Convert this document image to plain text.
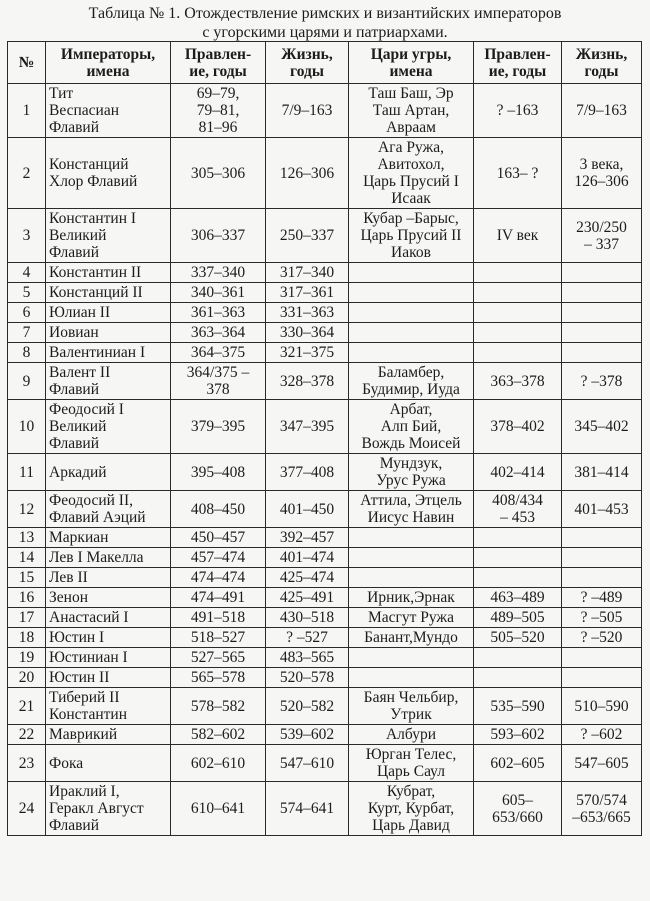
Таблица № 1. Отождествление римских и византийских императоров
с угорскими царями и патриархами.
№	Императоры,
имена	Правлен-
ие, годы	Жизнь,
годы	Цари угры,
имена	Правлен-
ие, годы	Жизнь,
годы

1	Тит
Веспасиан
Флавий	69–79,
79–81,
81–96	7/9–163	Таш Баш, Эр
Таш Артан,
Авраам	? –163	7/9–163

2	Констанций
Хлор Флавий	305–306	126–306	Ага Ружа,
Авитохол,
Царь Прусий I
Исаак	163– ?	3 века,
126–306

3	Константин I
Великий
Флавий	306–337	250–337	Кубар –Барыс,
Царь Прусий II
Иаков	IV век	230/250
– 337

4	Константин II	337–340	317–340			

5	Констанций II	340–361	317–361			

6	Юлиан II	361–363	331–363			

7	Иовиан	363–364	330–364			

8	Валентиниан I	364–375	321–375			

9	Валент II
Флавий	364/375 –
378	328–378	Баламбер,
Будимир, Иуда	363–378	? –378

10	Феодосий I
Великий
Флавий	379–395	347–395	Арбат,
Алп Бий,
Вождь Моисей	378–402	345–402

11	Аркадий	395–408	377–408	Мундзук,
Урус Ружа	402–414	381–414

12	Феодосий II,
Флавий Аэций	408–450	401–450	Аттила, Этцель
Иисус Навин	408/434
– 453	401–453

13	Маркиан	450–457	392–457			

14	Лев I Макелла	457–474	401–474			

15	Лев II	474–474	425–474			

16	Зенон	474–491	425–491	Ирник,Эрнак	463–489	? –489

17	Анастасий I	491–518	430–518	Масгут Ружа	489–505	? –505

18	Юстин I	518–527	? –527	Банант,Мундо	505–520	? –520

19	Юстиниан I	527–565	483–565			

20	Юстин II	565–578	520–578			

21	Тиберий II
Константин	578–582	520–582	Баян Чельбир,
Утрик	535–590	510–590

22	Маврикий	582–602	539–602	Албури	593–602	? –602

23	Фока	602–610	547–610	Юрган Телес,
Царь Саул	602–605	547–605

24	Ираклий I,
Геракл Август
Флавий	610–641	574–641	Кубрат,
Курт, Курбат,
Царь Давид	605–
653/660	570/574
–653/665
